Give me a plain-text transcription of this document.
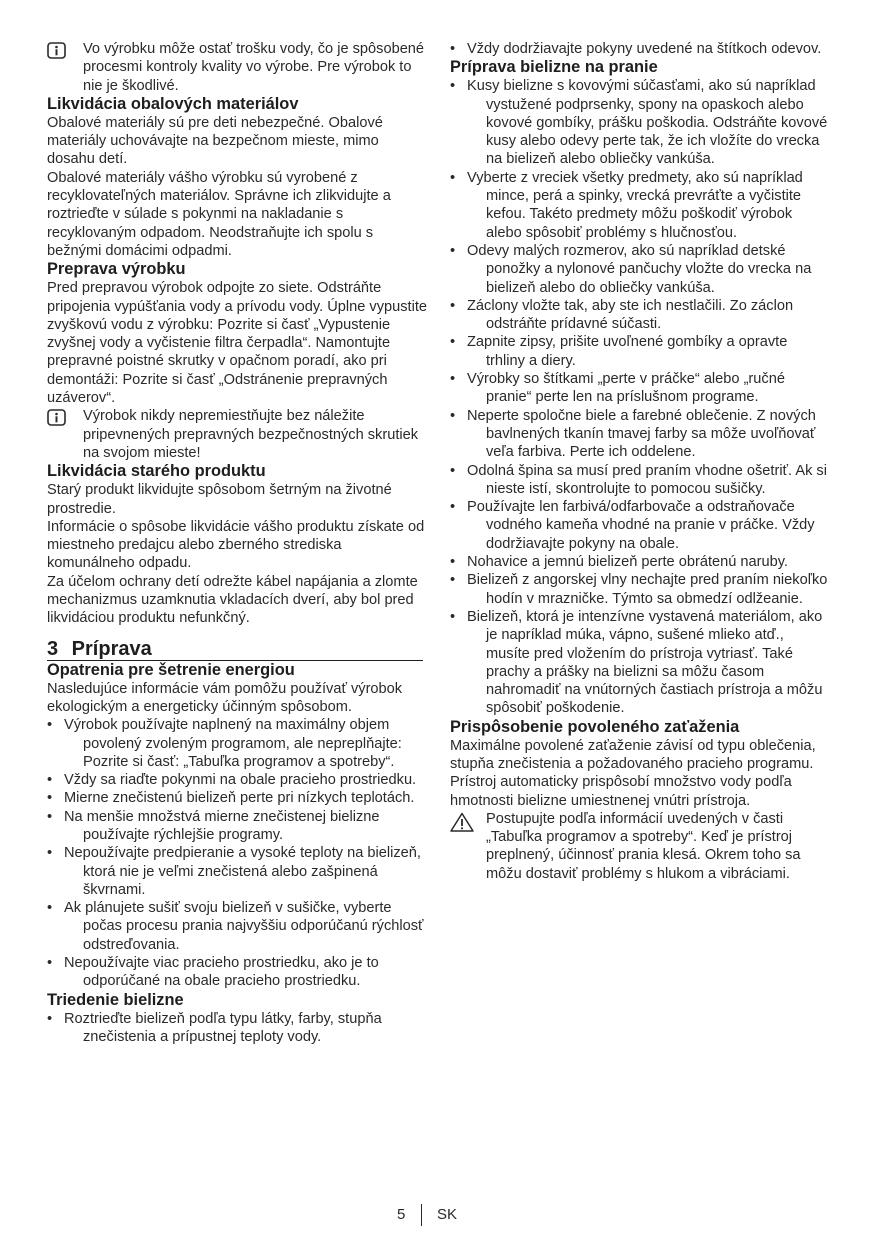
Vo výrobku môže ostať trošku vody, čo je spôsobené procesmi kontroly kvality vo výrobe. Pre výrobok to nie je škodlivé.

Likvidácia obalových materiálov

Obalové materiály sú pre deti nebezpečné. Obalové materiály uchovávajte na bezpečnom mieste, mimo dosahu detí.

Obalové materiály vášho výrobku sú vyrobené z recyklovateľných materiálov. Správne ich zlikvidujte a roztrieďte v súlade s pokynmi na nakladanie s recyklovaným odpadom. Neodstraňujte ich spolu s bežnými domácimi odpadmi.

Preprava výrobku

Pred prepravou výrobok odpojte zo siete. Odstráňte pripojenia vypúšťania vody a prívodu vody. Úplne vypustite zvyškovú vodu z výrobku: Pozrite si časť „Vypustenie zvyšnej vody a vyčistenie filtra čerpadla“. Namontujte prepravné poistné skrutky v opačnom poradí, ako pri demontáži: Pozrite si časť „Odstránenie prepravných uzáverov“.

Výrobok nikdy nepremiestňujte bez náležite pripevnených prepravných bezpečnostných skrutiek na svojom mieste!

Likvidácia starého produktu

Starý produkt likvidujte spôsobom šetrným na životné prostredie.

Informácie o spôsobe likvidácie vášho produktu získate od miestneho predajcu alebo zberného strediska komunálneho odpadu.

Za účelom ochrany detí odrežte kábel napájania a zlomte mechanizmus uzamknutia vkladacích dverí, aby bol pred likvidáciou produktu nefunkčný.

3 Príprava
Opatrenia pre šetrenie energiou

Nasledujúce informácie vám pomôžu používať výrobok ekologickým a energeticky účinným spôsobom.

• Výrobok používajte naplnený na maximálny objem povolený zvoleným programom, ale nepreplňajte: Pozrite si časť: „Tabuľka programov a spotreby“.
• Vždy sa riaďte pokynmi na obale pracieho prostriedku.
• Mierne znečistenú bielizeň perte pri nízkych teplotách.
• Na menšie množstvá mierne znečistenej bielizne používajte rýchlejšie programy.
• Nepoužívajte predpieranie a vysoké teploty na bielizeň, ktorá nie je veľmi znečistená alebo zašpinená škvrnami.
• Ak plánujete sušiť svoju bielizeň v sušičke, vyberte počas procesu prania najvyššiu odporúčanú rýchlosť odstreďovania.
• Nepoužívajte viac pracieho prostriedku, ako je to odporúčané na obale pracieho prostriedku.
Triedenie bielizne
• Roztrieďte bielizeň podľa typu látky, farby, stupňa znečistenia a prípustnej teploty vody.
• Vždy dodržiavajte pokyny uvedené na štítkoch odevov.
Príprava bielizne na pranie
• Kusy bielizne s kovovými súčasťami, ako sú napríklad vystužené podprsenky, spony na opaskoch alebo kovové gombíky, prášku poškodia. Odstráňte kovové kusy alebo odevy perte tak, že ich vložíte do vrecka na bielizeň alebo obliečky vankúša.
• Vyberte z vreciek všetky predmety, ako sú napríklad mince, perá a spinky, vrecká prevráťte a vyčistite kefou. Takéto predmety môžu poškodiť výrobok alebo spôsobiť problémy s hlučnosťou.
• Odevy malých rozmerov, ako sú napríklad detské ponožky a nylonové pančuchy vložte do vrecka na bielizeň alebo do obliečky vankúša.
• Záclony vložte tak, aby ste ich nestlačili. Zo záclon odstráňte prídavné súčasti.
• Zapnite zipsy, prišite uvoľnené gombíky a opravte trhliny a diery.
• Výrobky so štítkami „perte v práčke“ alebo „ručné pranie“ perte len na príslušnom programe.
• Neperte spoločne biele a farebné oblečenie. Z nových bavlnených tkanín tmavej farby sa môže uvoľňovať veľa farbiva. Perte ich oddelene.
• Odolná špina sa musí pred praním vhodne ošetriť. Ak si nieste istí, skontrolujte to pomocou sušičky.
• Používajte len farbivá/odfarbovače a odstraňovače vodného kameňa vhodné na pranie v práčke. Vždy dodržiavajte pokyny na obale.
• Nohavice a jemnú bielizeň perte obrátenú naruby.
• Bielizeň z angorskej vlny nechajte pred praním niekoľko hodín v mrazničke. Týmto sa obmedzí odlžeanie.
• Bielizeň, ktorá je intenzívne vystavená materiálom, ako je napríklad múka, vápno, sušené mlieko atď., musíte pred vložením do prístroja vytriasť. Také prachy a prášky na bielizni sa môžu časom nahromadiť na vnútorných častiach prístroja a môžu spôsobiť poškodenie.
Prispôsobenie povoleného zaťaženia

Maximálne povolené zaťaženie závisí od typu oblečenia, stupňa znečistenia a požadovaného pracieho programu.

Prístroj automaticky prispôsobí množstvo vody podľa hmotnosti bielizne umiestnenej vnútri prístroja.

Postupujte podľa informácií uvedených v časti „Tabuľka programov a spotreby“. Keď je prístroj preplnený, účinnosť prania klesá. Okrem toho sa môžu dostaviť problémy s hlukom a vibráciami.

5 SK
